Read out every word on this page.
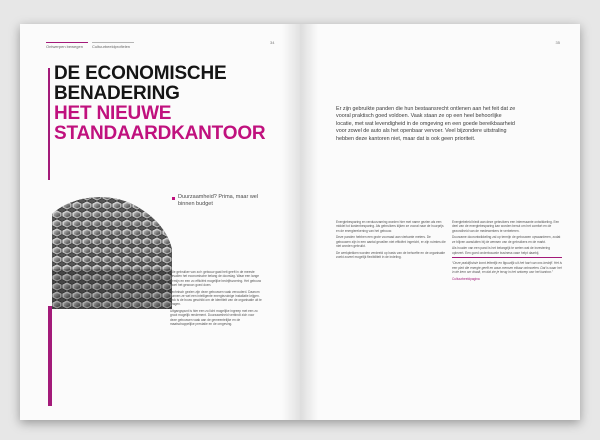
Ontwerpen bewegen	Cultuurbeeldprofielen
34
DE ECONOMISCHE
BENADERING
HET NIEUWE
STANDAARDKANTOOR
Duurzaamheid? Prima, maar wel binnen budget

Wie gebruiker van zo'n gebouw gaat heit geeft in de meeste gevallen het economische belang de doorslag. Waar een lange termijn en een zo efficiënt mogelijke bedrijfsvoering. Het gebouw moet het gewoon goed doen.

Technisch gezien zijn deze gebouwen vaak verouderd. Daarom kunnen ze wel een intelligente energiezuinige installatie krijgen. Ook is de bouw geschikt om de identiteit van de organisatie uit te dragen.

Uitgangspunt is hier een zo licht mogelijke ingreep met een zo groot mogelijk rendement. Duurzaamheid verbindt zich voor deze gebouwen vaak aan de gemeentelijke en de maatschappelijke prestatie en de omgeving.

35
Er zijn gebruikte panden die hun bestaansrecht ontlenen aan het feit dat ze vooral praktisch goed voldoen. Vaak staan ze op een heel behoorlijke locatie, met wat levendigheid in de omgeving en een goede bereikbaarheid voor zowel de auto als het openbaar vervoer. Veel bijzondere uitstraling hebben deze kantoren niet, maar dat is ook geen prioriteit.

Energiebesparing en verduurzaming worden hier met name gezien als een middel tot kostenbesparing. Als gebruikers kijken ze vooral naar de huurprijs en de energierekening van het gebouw.

Deze panden hebben een grote voorraad aan vierkante meters. De gebouwen zijn in een aantal gevallen niet efficiënt ingericht, er zijn ruimtes die niet worden gebruikt.

De werkplekken worden verdeeld op basis van de behoefte en de organisatie zoekt zoveel mogelijk flexibiliteit in de indeling.

Energiebeleid biedt aan deze gebruikers een interessante ontwikkeling. Een deel van de energiebesparing kan worden benut om het comfort en de gezondheid van de medewerkers te verbeteren.

Duurzame doorontwikkeling zal op termijn de gebouwen opwaarderen, zodat ze blijven aansluiten bij de wensen van de gebruikers en de markt.

Als houder van een pand is het belangrijk te weten wat de investering oplevert. Een goed onderbouwde business case helpt daarbij.

“Onze praktijkvisie komt letterlijk en figuurlijk uit het hart van ons bedrijf. Het is een plek die energie geeft en waar mensen elkaar ontmoeten. Dat is waar het in de kern om draait, en dat zie je terug in het ontwerp van het kantoor.”

Cultuurbeeldpagina
